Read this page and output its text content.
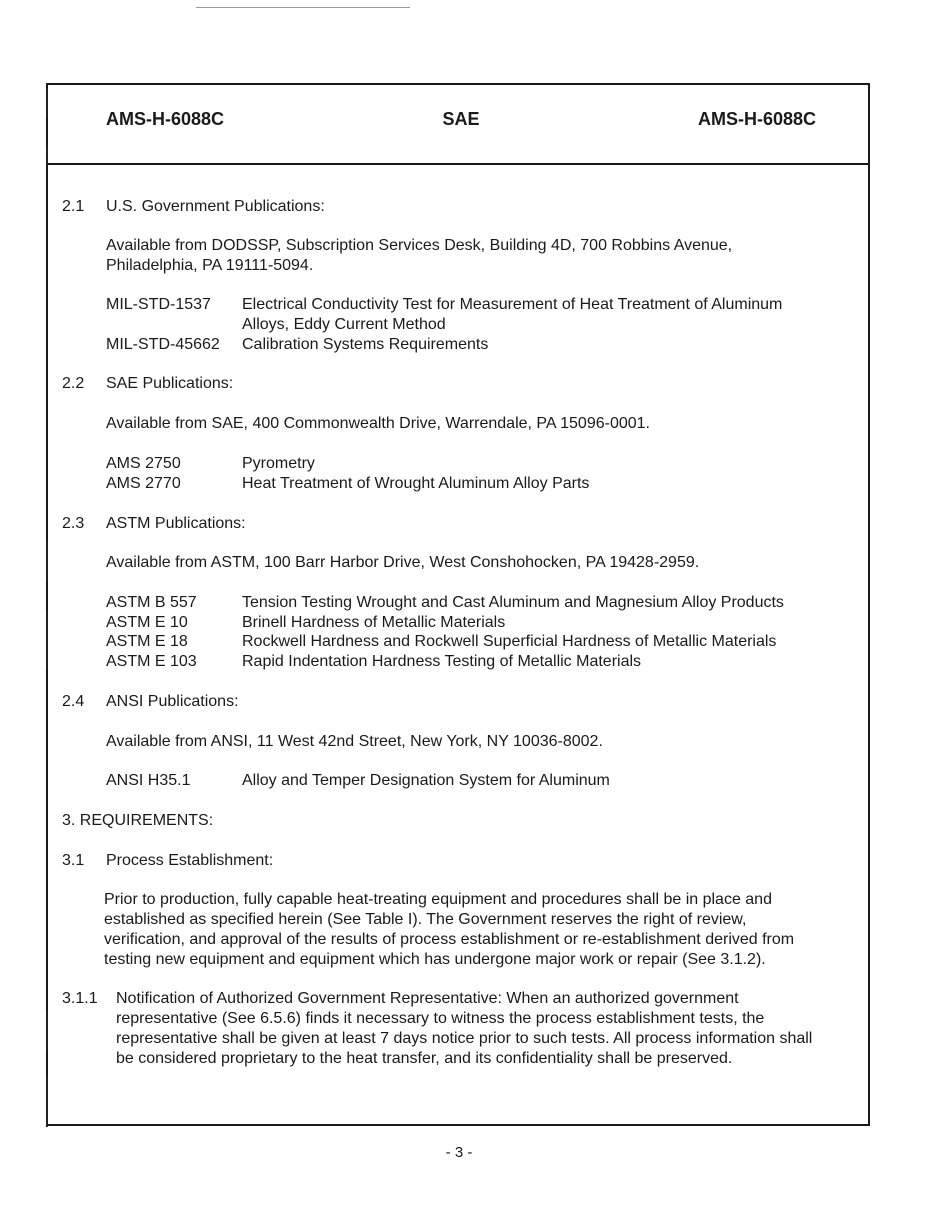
AMS-H-6088C	SAE	AMS-H-6088C
2.1 U.S. Government Publications:
Available from DODSSP, Subscription Services Desk, Building 4D, 700 Robbins Avenue,
Philadelphia, PA 19111-5094.
MIL-STD-1537 Electrical Conductivity Test for Measurement of Heat Treatment of Aluminum
Alloys, Eddy Current Method
MIL-STD-45662 Calibration Systems Requirements
2.2 SAE Publications:
Available from SAE, 400 Commonwealth Drive, Warrendale, PA 15096-0001.
AMS 2750	Pyrometry
AMS 2770	Heat Treatment of Wrought Aluminum Alloy Parts
2.3 ASTM Publications:
Available from ASTM, 100 Barr Harbor Drive, West Conshohocken, PA 19428-2959.
ASTM B 557	Tension Testing Wrought and Cast Aluminum and Magnesium Alloy Products
ASTM E 10	Brinell Hardness of Metallic Materials
ASTM E 18	Rockwell Hardness and Rockwell Superficial Hardness of Metallic Materials
ASTM E 103	Rapid Indentation Hardness Testing of Metallic Materials
2.4 ANSI Publications:
Available from ANSI, 11 West 42nd Street, New York, NY 10036-8002.
ANSI H35.1	Alloy and Temper Designation System for Aluminum
3. REQUIREMENTS:
3.1 Process Establishment:
Prior to production, fully capable heat-treating equipment and procedures shall be in place and
established as specified herein (See Table I). The Government reserves the right of review,
verification, and approval of the results of process establishment or re-establishment derived from
testing new equipment and equipment which has undergone major work or repair (See 3.1.2).
3.1.1 Notification of Authorized Government Representative: When an authorized government
representative (See 6.5.6) finds it necessary to witness the process establishment tests, the
representative shall be given at least 7 days notice prior to such tests. All process information shall
be considered proprietary to the heat transfer, and its confidentiality shall be preserved.
- 3 -
